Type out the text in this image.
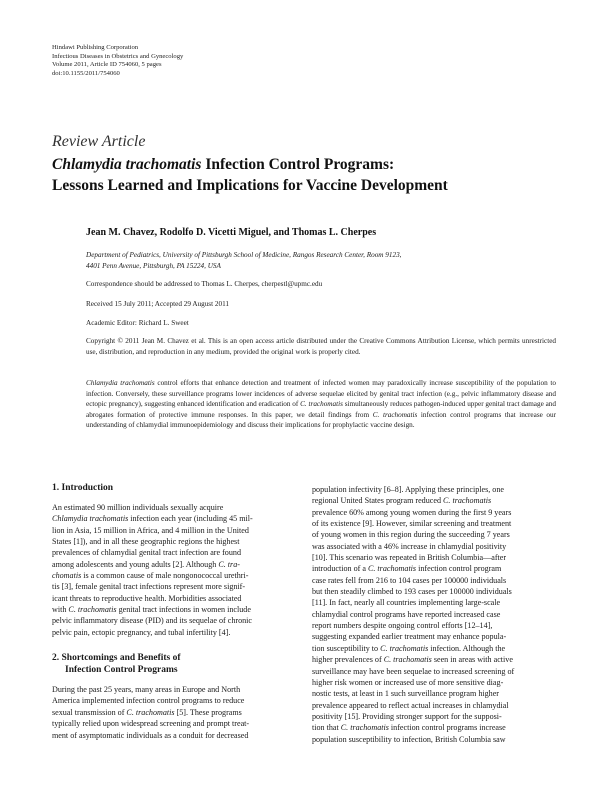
Hindawi Publishing Corporation
Infectious Diseases in Obstetrics and Gynecology
Volume 2011, Article ID 754060, 5 pages
doi:10.1155/2011/754060
Review Article
Chlamydia trachomatis Infection Control Programs:
Lessons Learned and Implications for Vaccine Development
Jean M. Chavez, Rodolfo D. Vicetti Miguel, and Thomas L. Cherpes
Department of Pediatrics, University of Pittsburgh School of Medicine, Rangos Research Center, Room 9123,
4401 Penn Avenue, Pittsburgh, PA 15224, USA
Correspondence should be addressed to Thomas L. Cherpes, cherpestl@upmc.edu
Received 15 July 2011; Accepted 29 August 2011
Academic Editor: Richard L. Sweet
Copyright © 2011 Jean M. Chavez et al. This is an open access article distributed under the Creative Commons Attribution License, which permits unrestricted use, distribution, and reproduction in any medium, provided the original work is properly cited.
Chlamydia trachomatis control efforts that enhance detection and treatment of infected women may paradoxically increase susceptibility of the population to infection. Conversely, these surveillance programs lower incidences of adverse sequelae elicited by genital tract infection (e.g., pelvic inflammatory disease and ectopic pregnancy), suggesting enhanced identification and eradication of C. trachomatis simultaneously reduces pathogen-induced upper genital tract damage and abrogates formation of protective immune responses. In this paper, we detail findings from C. trachomatis infection control programs that increase our understanding of chlamydial immunoepidemiology and discuss their implications for prophylactic vaccine design.
1. Introduction

An estimated 90 million individuals sexually acquire
Chlamydia trachomatis infection each year (including 45 mil-
lion in Asia, 15 million in Africa, and 4 million in the United
States [1]), and in all these geographic regions the highest
prevalences of chlamydial genital tract infection are found
among adolescents and young adults [2]. Although C. tra-
chomatis is a common cause of male nongonococcal urethri-
tis [3], female genital tract infections represent more signif-
icant threats to reproductive health. Morbidities associated
with C. trachomatis genital tract infections in women include
pelvic inflammatory disease (PID) and its sequelae of chronic
pelvic pain, ectopic pregnancy, and tubal infertility [4].

2. Shortcomings and Benefits of
Infection Control Programs

During the past 25 years, many areas in Europe and North
America implemented infection control programs to reduce
sexual transmission of C. trachomatis [5]. These programs
typically relied upon widespread screening and prompt treat-
ment of asymptomatic individuals as a conduit for decreased

population infectivity [6–8]. Applying these principles, one
regional United States program reduced C. trachomatis
prevalence 60% among young women during the first 9 years
of its existence [9]. However, similar screening and treatment
of young women in this region during the succeeding 7 years
was associated with a 46% increase in chlamydial positivity
[10]. This scenario was repeated in British Columbia—after
introduction of a C. trachomatis infection control program
case rates fell from 216 to 104 cases per 100000 individuals
but then steadily climbed to 193 cases per 100000 individuals
[11]. In fact, nearly all countries implementing large-scale
chlamydial control programs have reported increased case
report numbers despite ongoing control efforts [12–14],
suggesting expanded earlier treatment may enhance popula-
tion susceptibility to C. trachomatis infection. Although the
higher prevalences of C. trachomatis seen in areas with active
surveillance may have been sequelae to increased screening of
higher risk women or increased use of more sensitive diag-
nostic tests, at least in 1 such surveillance program higher
prevalence appeared to reflect actual increases in chlamydial
positivity [15]. Providing stronger support for the supposi-
tion that C. trachomatis infection control programs increase
population susceptibility to infection, British Columbia saw
